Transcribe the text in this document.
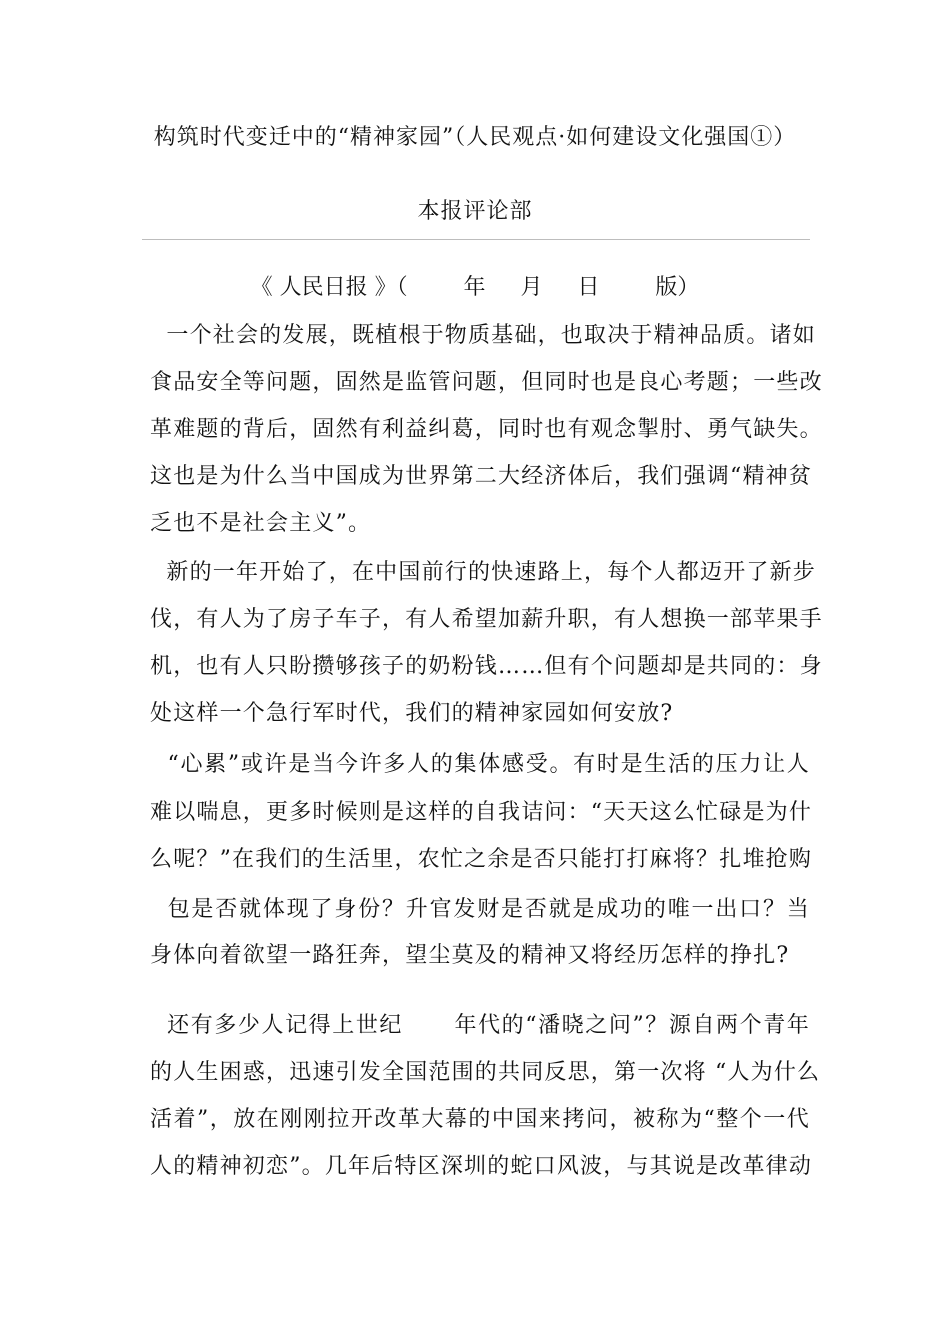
构筑时代变迁中的“精神家园”（人民观点·如何建设文化强国①）
本报评论部
《 人民日报 》（        年     月     日        版）
一个社会的发展，既植根于物质基础，也取决于精神品质。诸如
食品安全等问题，固然是监管问题，但同时也是良心考题；一些改
革难题的背后，固然有利益纠葛，同时也有观念掣肘、勇气缺失。
这也是为什么当中国成为世界第二大经济体后，我们强调“精神贫
乏也不是社会主义”。
新的一年开始了，在中国前行的快速路上，每个人都迈开了新步
伐，有人为了房子车子，有人希望加薪升职，有人想换一部苹果手
机，也有人只盼攒够孩子的奶粉钱……但有个问题却是共同的：身
处这样一个急行军时代，我们的精神家园如何安放?
“心累”或许是当今许多人的集体感受。有时是生活的压力让人
难以喘息，更多时候则是这样的自我诘问：“天天这么忙碌是为什
么呢？”在我们的生活里，农忙之余是否只能打打麻将？扎堆抢购
包是否就体现了身份？升官发财是否就是成功的唯一出口？当
身体向着欲望一路狂奔，望尘莫及的精神又将经历怎样的挣扎?
还有多少人记得上世纪      年代的“潘晓之问”？源自两个青年
的人生困惑，迅速引发全国范围的共同反思，第一次将 “人为什么
活着”，放在刚刚拉开改革大幕的中国来拷问，被称为“整个一代
人的精神初恋”。几年后特区深圳的蛇口风波，与其说是改革律动
